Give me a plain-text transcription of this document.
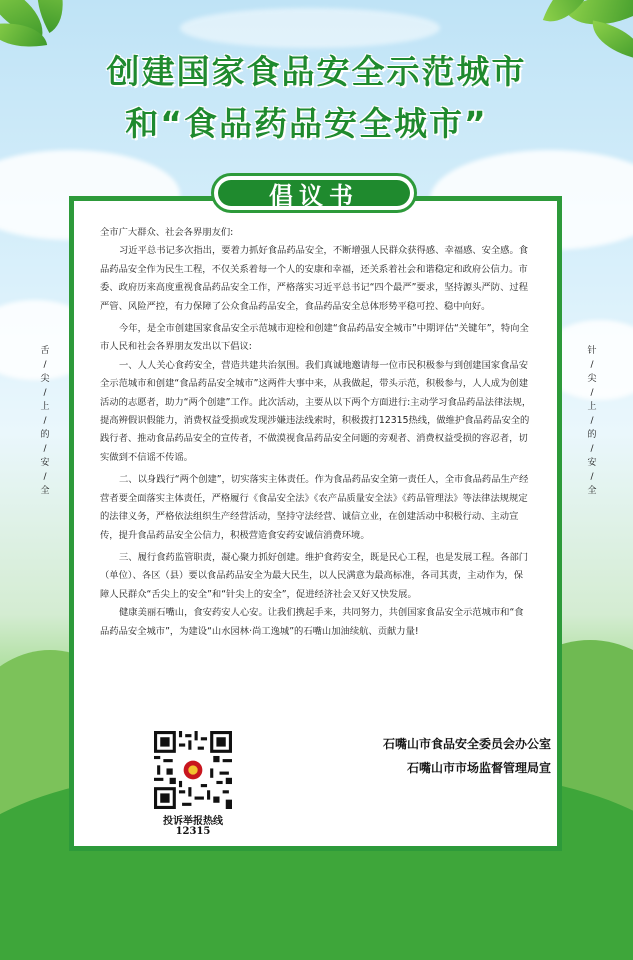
创建国家食品安全示范城市
和“食品药品安全城市”
倡议书

全市广大群众、社会各界朋友们:

习近平总书记多次指出，要着力抓好食品药品安全，不断增强人民群众获得感、幸福感、安全感。食品药品安全作为民生工程，不仅关系着每一个人的安康和幸福，还关系着社会和谐稳定和政府公信力。市委、政府历来高度重视食品药品安全工作，严格落实习近平总书记“四个最严”要求，坚持源头严防、过程严管、风险严控，有力保障了公众食品药品安全，食品药品安全总体形势平稳可控、稳中向好。

今年，是全市创建国家食品安全示范城市迎检和创建“食品药品安全城市”中期评估“关键年”，特向全市人民和社会各界朋友发出以下倡议:

一、人人关心食药安全，营造共建共治氛围。我们真诚地邀请每一位市民积极参与到创建国家食品安全示范城市和创建“食品药品安全城市”这两件大事中来，从我做起，带头示范，积极参与，人人成为创建活动的志愿者，助力“两个创建”工作。此次活动，主要从以下两个方面进行:主动学习食品药品法律法规，提高辨假识假能力，消费权益受损或发现涉嫌违法线索时，积极拨打12315热线，做维护食品药品安全的践行者、推动食品药品安全的宣传者，不做漠视食品药品安全问题的旁观者、消费权益受损的容忍者，切实做到不信谣不传谣。

二、以身践行“两个创建”，切实落实主体责任。作为食品药品安全第一责任人，全市食品药品生产经营者要全面落实主体责任，严格履行《食品安全法》《农产品质量安全法》《药品管理法》等法律法规规定的法律义务，严格依法组织生产经营活动，坚持守法经营、诚信立业，在创建活动中积极行动、主动宣传，提升食品药品安全公信力，积极营造食安药安诚信消费环境。

三、履行食药监管职责，凝心聚力抓好创建。维护食药安全，既是民心工程，也是发展工程。各部门（单位）、各区（县）要以食品药品安全为最大民生，以人民满意为最高标准，各司其责，主动作为，保障人民群众“舌尖上的安全”和“针尖上的安全”，促进经济社会又好又快发展。

健康美丽石嘴山，食安药安人心安。让我们携起手来，共同努力，共创国家食品安全示范城市和“食品药品安全城市”，为建设“山水园林·尚工逸城”的石嘴山加油续航、贡献力量!

投诉举报热线
12315
石嘴山市食品安全委员会办公室
石嘴山市市场监督管理局宣
舌
/
尖
/
上
/
的
/
安
/
全
针
/
尖
/
上
/
的
/
安
/
全
